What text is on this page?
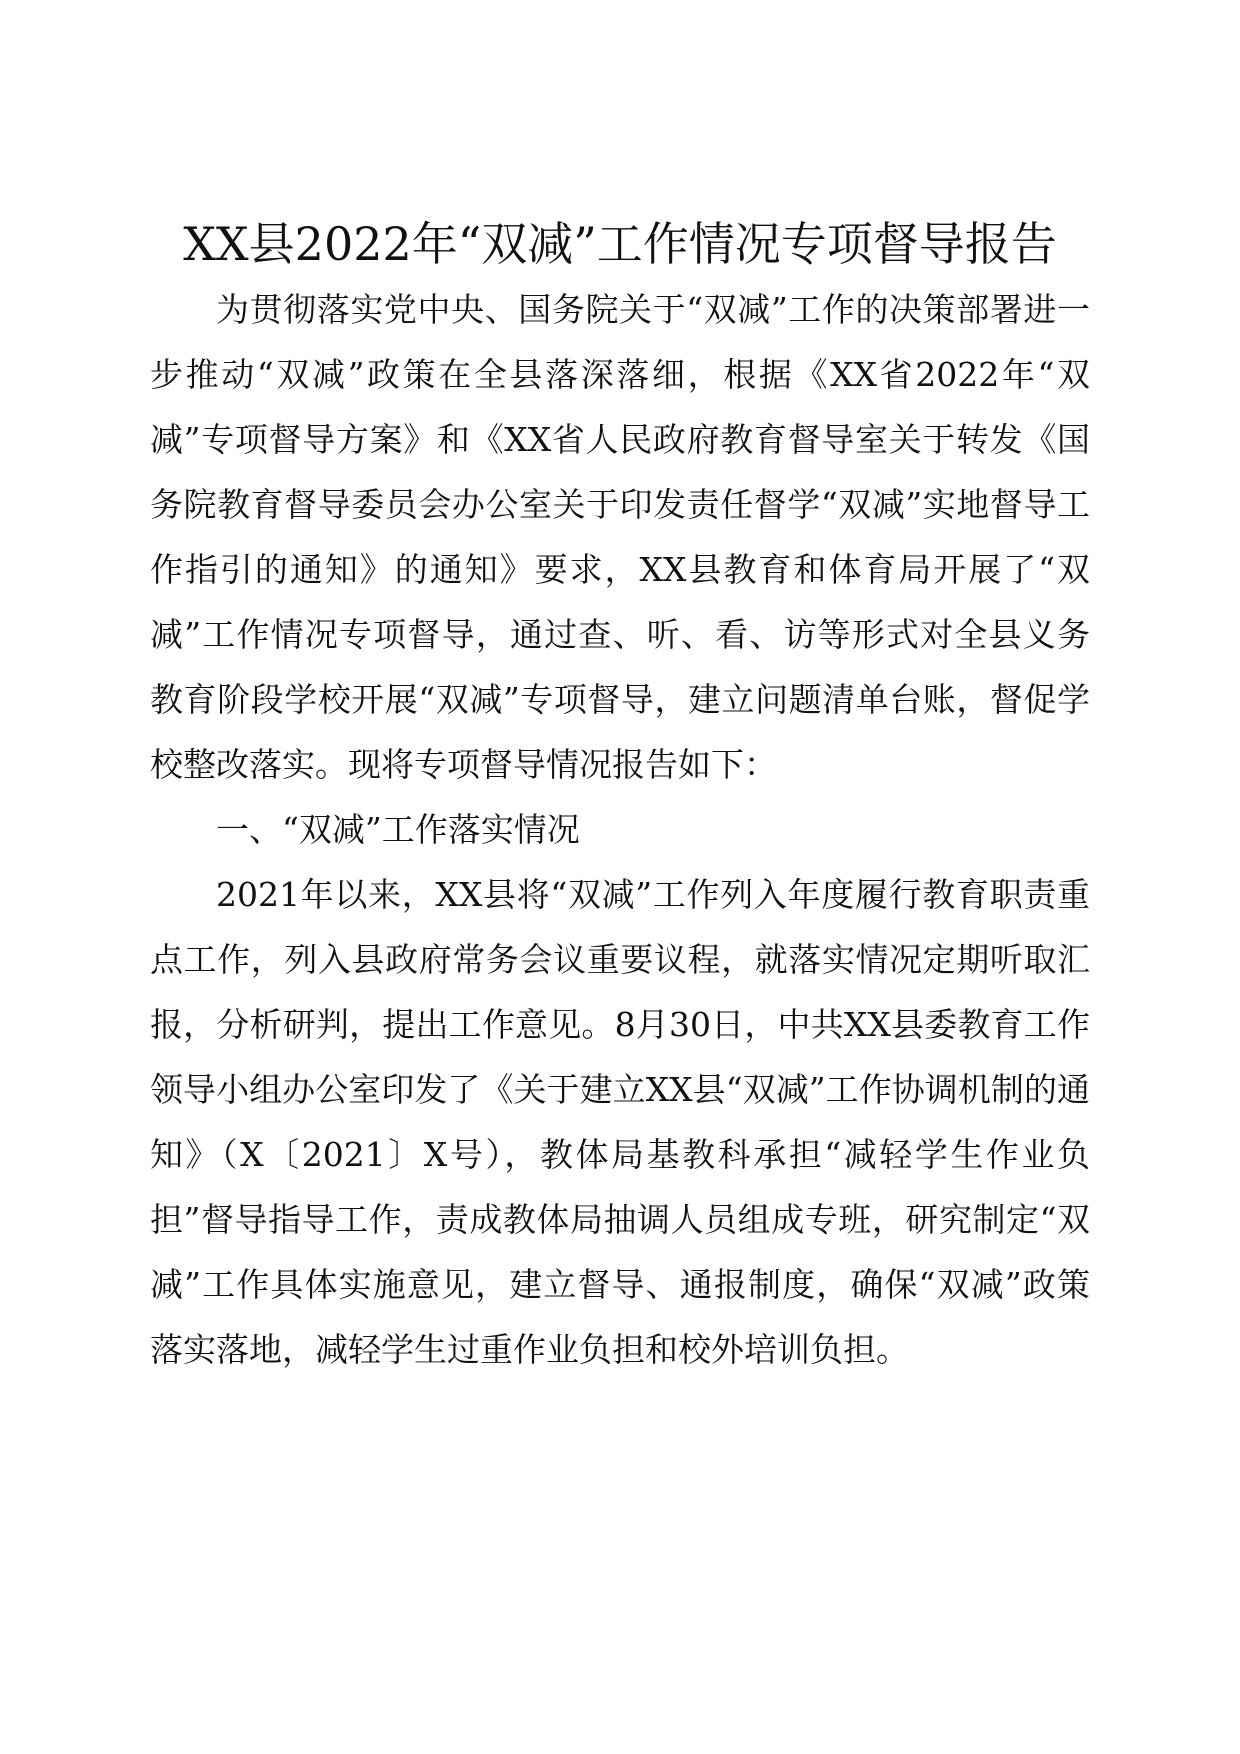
XX县2022年“双减”工作情况专项督导报告

为贯彻落实党中央、国务院关于“双减”工作的决策部署进一步推动“双减”政策在全县落深落细，根据《XX省2022年“双减”专项督导方案》和《XX省人民政府教育督导室关于转发《国务院教育督导委员会办公室关于印发责任督学“双减”实地督导工作指引的通知》的通知》要求，XX县教育和体育局开展了“双减”工作情况专项督导，通过查、听、看、访等形式对全县义务教育阶段学校开展“双减”专项督导，建立问题清单台账，督促学校整改落实。现将专项督导情况报告如下：

一、“双减”工作落实情况

2021年以来，XX县将“双减”工作列入年度履行教育职责重点工作，列入县政府常务会议重要议程，就落实情况定期听取汇报，分析研判，提出工作意见。8月30日，中共XX县委教育工作领导小组办公室印发了《关于建立XX县“双减”工作协调机制的通知》（X〔2021〕X号），教体局基教科承担“减轻学生作业负担”督导指导工作，责成教体局抽调人员组成专班，研究制定“双减”工作具体实施意见，建立督导、通报制度，确保“双减”政策落实落地，减轻学生过重作业负担和校外培训负担。
